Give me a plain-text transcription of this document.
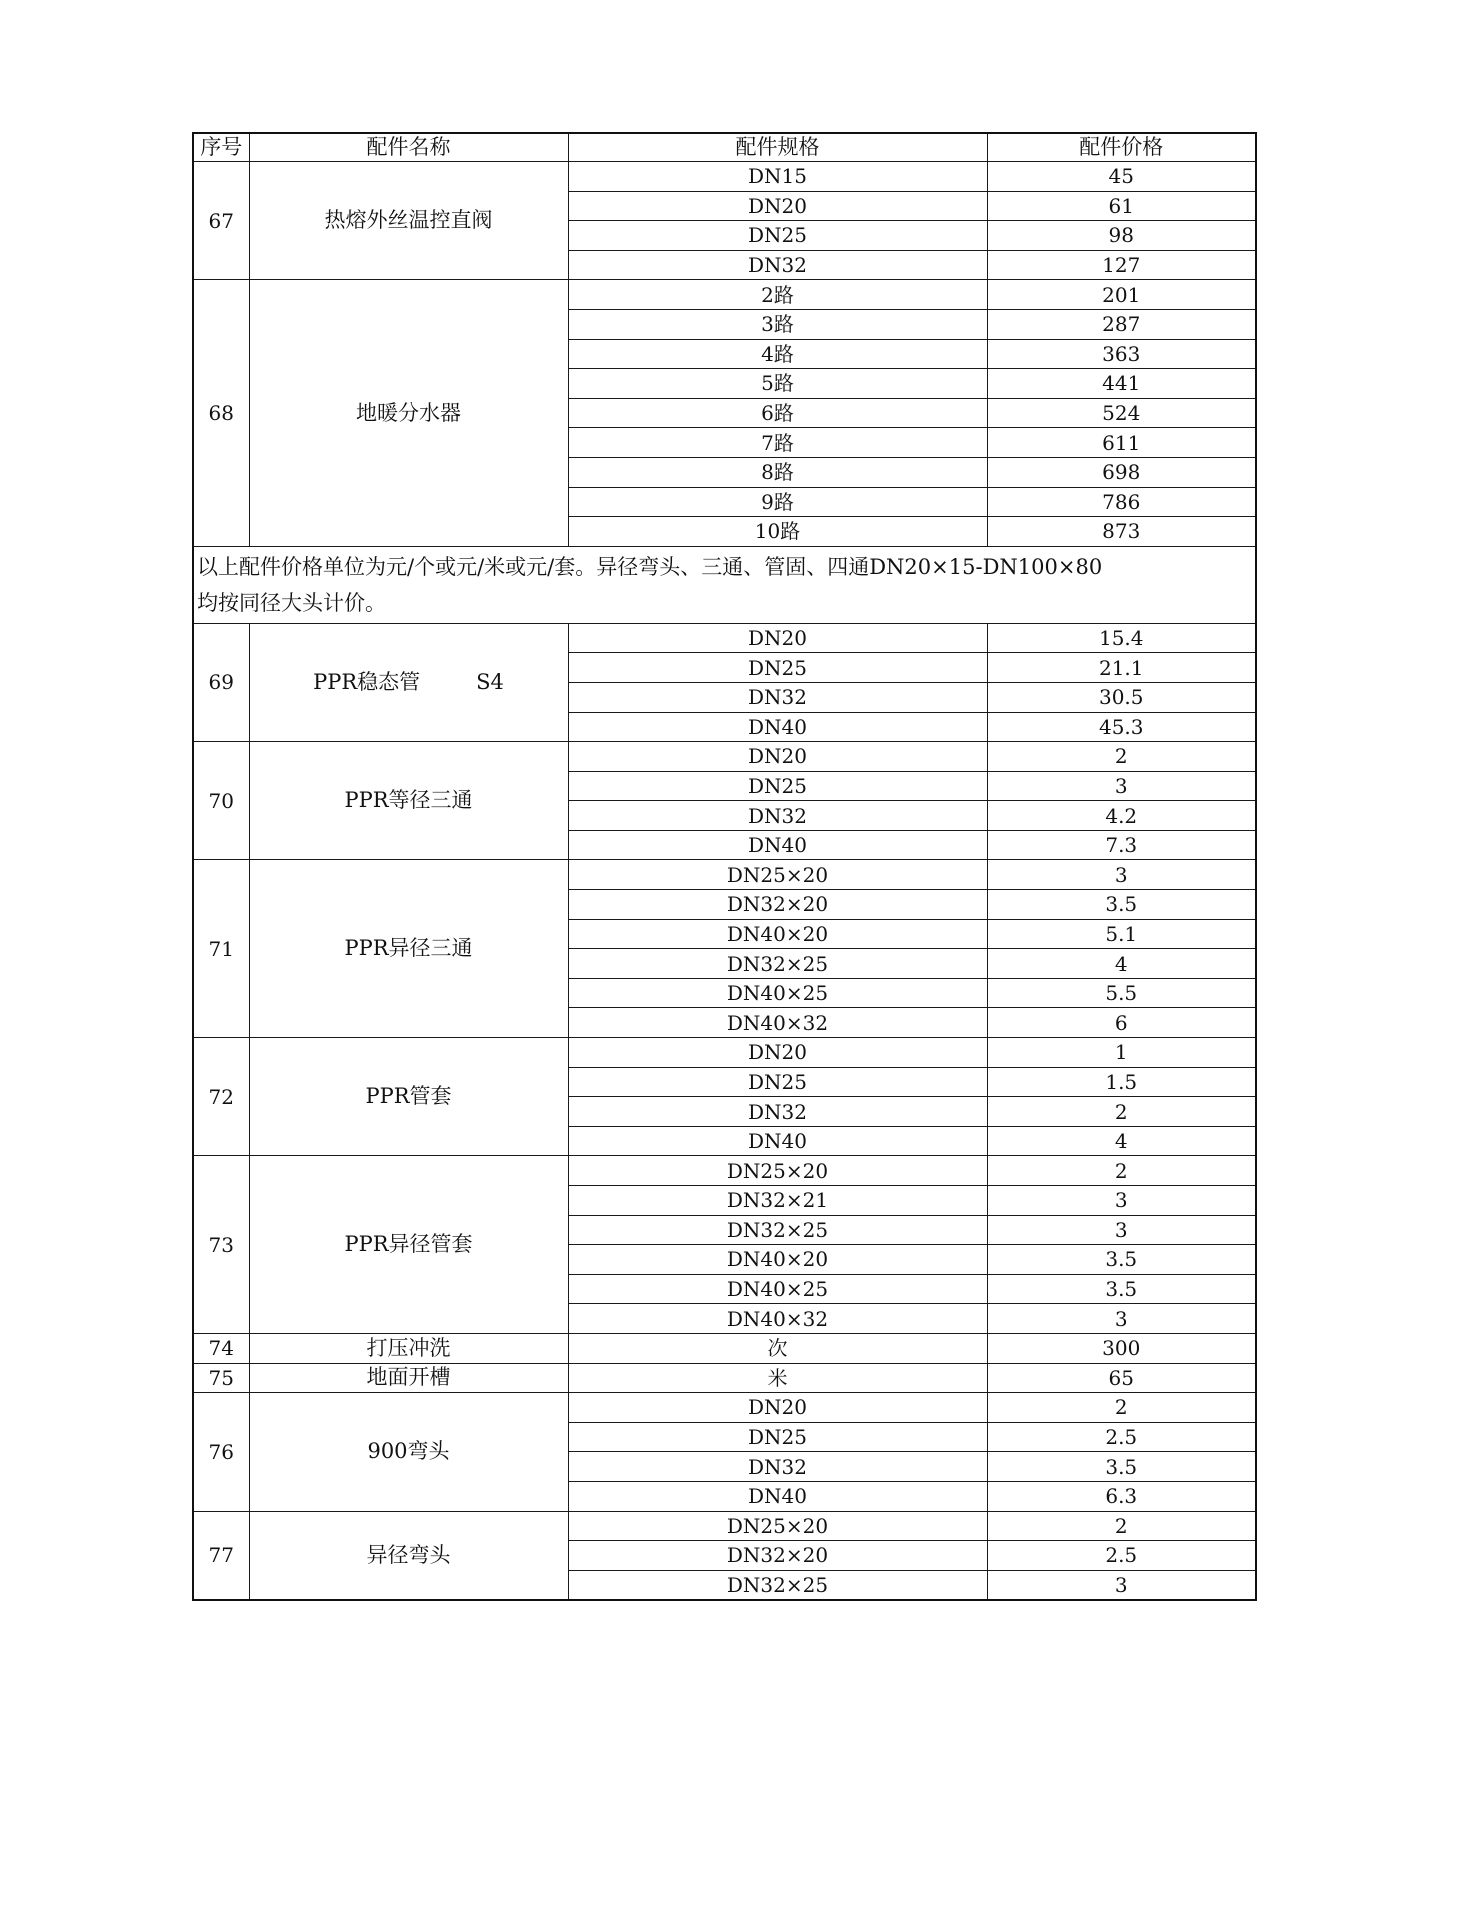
序号	配件名称	配件规格	配件价格
67	热熔外丝温控直阀	DN15	45
		DN20	61
		DN25	98
		DN32	127
68	地暖分水器	2路	201
		3路	287
		4路	363
		5路	441
		6路	524
		7路	611
		8路	698
		9路	786
		10路	873

以上配件价格单位为元/个或元/米或元/套。异径弯头、三通、管固、四通DN20×15-DN100×80
均按同径大头计价。			

69	PPR稳态管 S4	DN20	15.4
		DN25	21.1
		DN32	30.5
		DN40	45.3
70	PPR等径三通	DN20	2
		DN25	3
		DN32	4.2
		DN40	7.3
71	PPR异径三通	DN25×20	3
		DN32×20	3.5
		DN40×20	5.1
		DN32×25	4
		DN40×25	5.5
		DN40×32	6
72	PPR管套	DN20	1
		DN25	1.5
		DN32	2
		DN40	4
73	PPR异径管套	DN25×20	2
		DN32×21	3
		DN32×25	3
		DN40×20	3.5
		DN40×25	3.5
		DN40×32	3
74	打压冲洗	次	300
75	地面开槽	米	65
76	900弯头	DN20	2
		DN25	2.5
		DN32	3.5
		DN40	6.3
77	异径弯头	DN25×20	2
		DN32×20	2.5
		DN32×25	3
